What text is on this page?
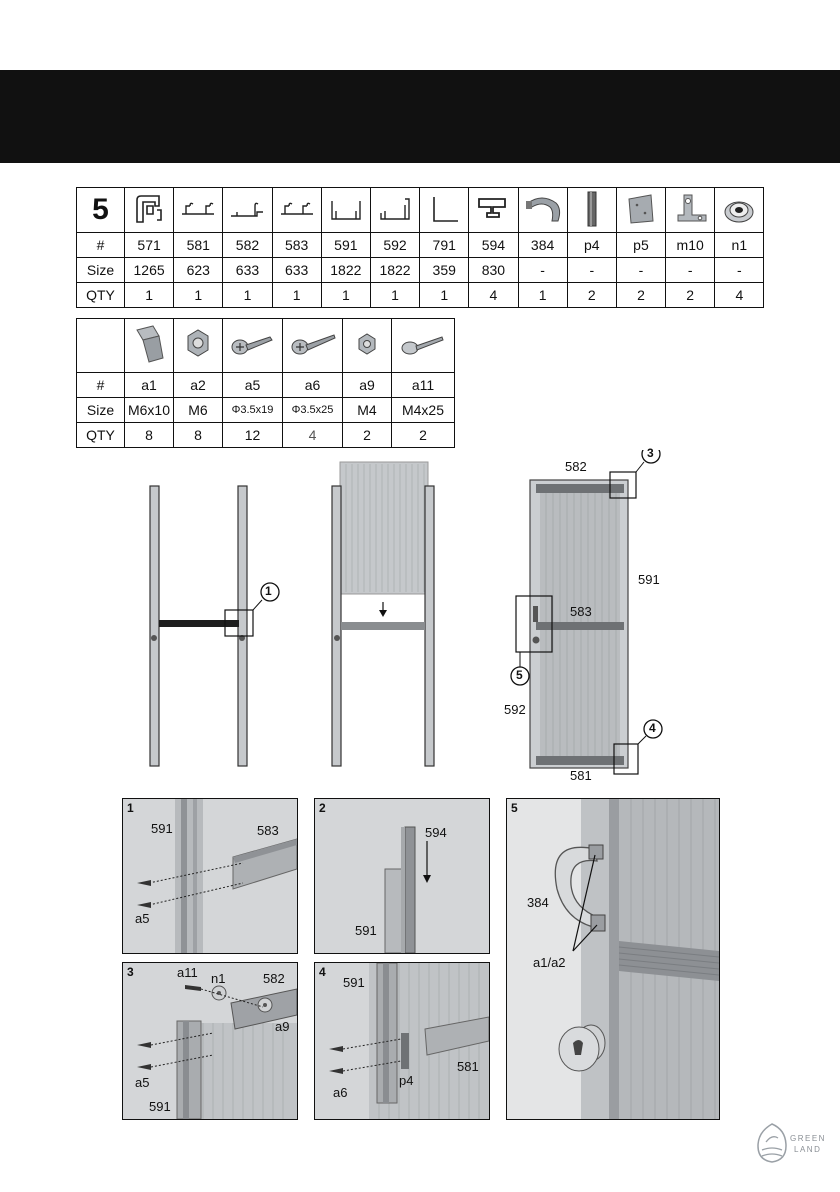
5													
#	571	581	582	583	591	592	791	594	384	p4	p5	m10	n1
Size	1265	623	633	633	1822	1822	359	830	-	-	-	-	-
QTY	1	1	1	1	1	1	1	4	1	2	2	2	4

#	a1	a2	a5	a6	a9	a11
Size	M6x10	M6	Φ3.5x19	Φ3.5x25	M4	M4x25
QTY	8	8	12	4	2	2
1
582
591
583
592
581
3
4
5
1
591	583
a5
2
594
591
3	a11 n1	582
a9
a5
591
4
591
581
a6
p4
5
384
a1/a2
GREEN
LAND
